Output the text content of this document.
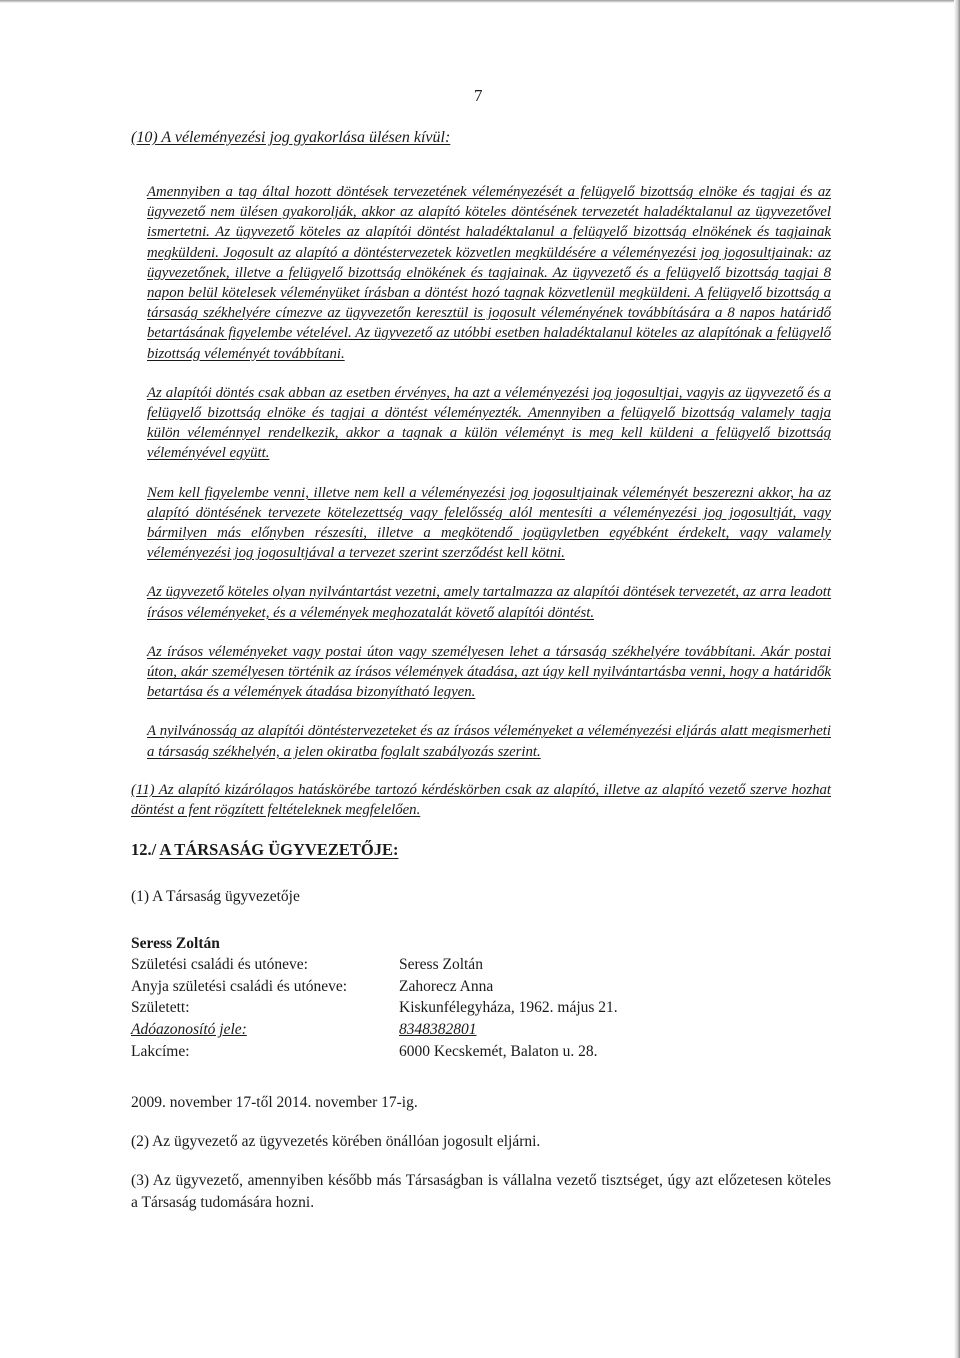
7

(10) A véleményezési jog gyakorlása ülésen kívül:

Amennyiben a tag által hozott döntések tervezetének véleményezését a felügyelő bizottság elnöke és tagjai és az ügyvezető nem ülésen gyakorolják, akkor az alapító köteles döntésének tervezetét haladéktalanul az ügyvezetővel ismertetni. Az ügyvezető köteles az alapítói döntést haladéktalanul a felügyelő bizottság elnökének és tagjainak megküldeni. Jogosult az alapító a döntéstervezetek közvetlen megküldésére a véleményezési jog jogosultjainak: az ügyvezetőnek, illetve a felügyelő bizottság elnökének és tagjainak. Az ügyvezető és a felügyelő bizottság tagjai 8 napon belül kötelesek véleményüket írásban a döntést hozó tagnak közvetlenül megküldeni. A felügyelő bizottság a társaság székhelyére címezve az ügyvezetőn keresztül is jogosult véleményének továbbítására a 8 napos határidő betartásának figyelembe vételével. Az ügyvezető az utóbbi esetben haladéktalanul köteles az alapítónak a felügyelő bizottság véleményét továbbítani.

Az alapítói döntés csak abban az esetben érvényes, ha azt a véleményezési jog jogosultjai, vagyis az ügyvezető és a felügyelő bizottság elnöke és tagjai a döntést véleményezték. Amennyiben a felügyelő bizottság valamely tagja külön véleménnyel rendelkezik, akkor a tagnak a külön véleményt is meg kell küldeni a felügyelő bizottság véleményével együtt.

Nem kell figyelembe venni, illetve nem kell a véleményezési jog jogosultjainak véleményét beszerezni akkor, ha az alapító döntésének tervezete kötelezettség vagy felelősség alól mentesíti a véleményezési jog jogosultját, vagy bármilyen más előnyben részesíti, illetve a megkötendő jogügyletben egyébként érdekelt, vagy valamely véleményezési jog jogosultjával a tervezet szerint szerződést kell kötni.

Az ügyvezető köteles olyan nyilvántartást vezetni, amely tartalmazza az alapítói döntések tervezetét, az arra leadott írásos véleményeket, és a vélemények meghozatalát követő alapítói döntést.

Az írásos véleményeket vagy postai úton vagy személyesen lehet a társaság székhelyére továbbítani. Akár postai úton, akár személyesen történik az írásos vélemények átadása, azt úgy kell nyilvántartásba venni, hogy a határidők betartása és a vélemények átadása bizonyítható legyen.

A nyilvánosság az alapítói döntéstervezeteket és az írásos véleményeket a véleményezési eljárás alatt megismerheti a társaság székhelyén, a jelen okiratba foglalt szabályozás szerint.

(11) Az alapító kizárólagos hatáskörébe tartozó kérdéskörben csak az alapító, illetve az alapító vezető szerve hozhat döntést a fent rögzített feltételeknek megfelelően.

12./ A TÁRSASÁG ÜGYVEZETŐJE:

(1) A Társaság ügyvezetője

Seress Zoltán

Születési családi és utóneve:	Seress Zoltán
Anyja születési családi és utóneve:	Zahorecz Anna
Született:	Kiskunfélegyháza, 1962. május 21.
Adóazonosító jele:	8348382801
Lakcíme:	6000 Kecskemét, Balaton u. 28.

2009. november 17-től 2014. november 17-ig.

(2) Az ügyvezető az ügyvezetés körében önállóan jogosult eljárni.

(3) Az ügyvezető, amennyiben később más Társaságban is vállalna vezető tisztséget, úgy azt előzetesen köteles a Társaság tudomására hozni.
